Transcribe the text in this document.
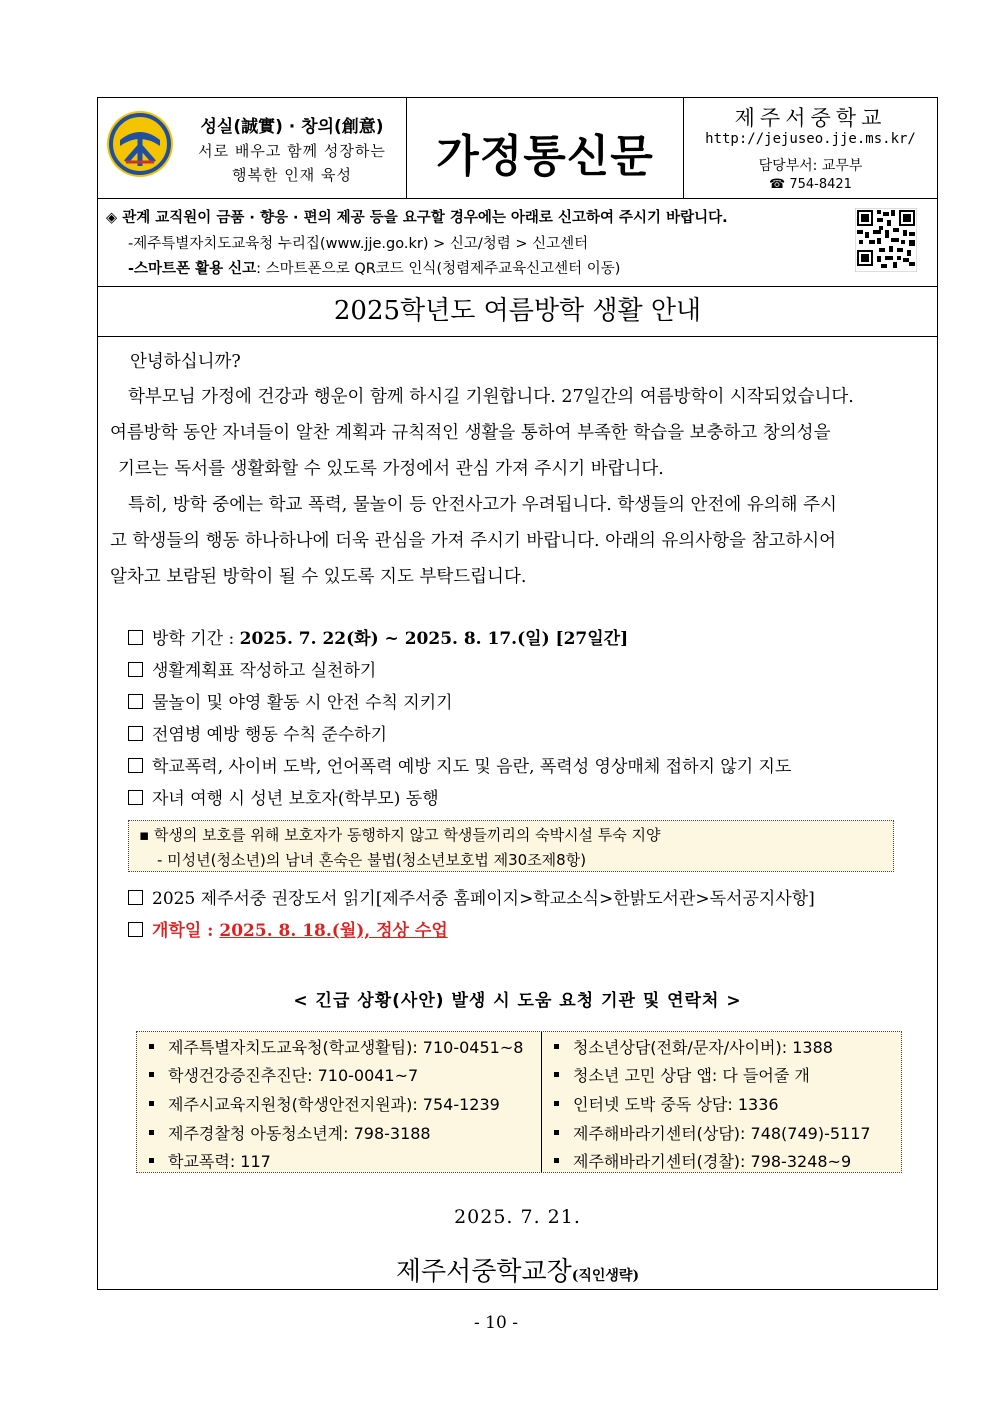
성실(誠實) · 창의(創意)
서로 배우고 함께 성장하는
행복한 인재 육성	가정통신문
제주서중학교
http://jejuseo.jje.ms.kr/
담당부서: 교무부
☎ 754-8421
◈ 관계 교직원이 금품 · 향응 · 편의 제공 등을 요구할 경우에는 아래로 신고하여 주시기 바랍니다.
-제주특별자치도교육청 누리집(www.jje.go.kr) > 신고/청렴 > 신고센터
-스마트폰 활용 신고: 스마트폰으로 QR코드 인식(청렴제주교육신고센터 이동)
2025학년도 여름방학 생활 안내
안녕하십니까?
학부모님 가정에 건강과 행운이 함께 하시길 기원합니다. 27일간의 여름방학이 시작되었습니다.
여름방학 동안 자녀들이 알찬 계획과 규칙적인 생활을 통하여 부족한 학습을 보충하고 창의성을
기르는 독서를 생활화할 수 있도록 가정에서 관심 가져 주시기 바랍니다.
특히, 방학 중에는 학교 폭력, 물놀이 등 안전사고가 우려됩니다. 학생들의 안전에 유의해 주시
고 학생들의 행동 하나하나에 더욱 관심을 가져 주시기 바랍니다. 아래의 유의사항을 참고하시어
알차고 보람된 방학이 될 수 있도록 지도 부탁드립니다.
방학 기간 : 2025. 7. 22(화) ~ 2025. 8. 17.(일) [27일간]
생활계획표 작성하고 실천하기
물놀이 및 야영 활동 시 안전 수칙 지키기
전염병 예방 행동 수칙 준수하기
학교폭력, 사이버 도박, 언어폭력 예방 지도 및 음란, 폭력성 영상매체 접하지 않기 지도
자녀 여행 시 성년 보호자(학부모) 동행
2025 제주서중 권장도서 읽기[제주서중 홈페이지>학교소식>한밝도서관>독서공지사항]
개학일 : 2025. 8. 18.(월), 정상 수업
▪ 학생의 보호를 위해 보호자가 동행하지 않고 학생들끼리의 숙박시설 투숙 지양
- 미성년(청소년)의 남녀 혼숙은 불법(청소년보호법 제30조제8항)
< 긴급 상황(사안) 발생 시 도움 요청 기관 및 연락처 >
제주특별자치도교육청(학교생활팀): 710-0451~8
학생건강증진추진단: 710-0041~7
제주시교육지원청(학생안전지원과): 754-1239
제주경찰청 아동청소년계: 798-3188
학교폭력: 117
청소년상담(전화/문자/사이버): 1388
청소년 고민 상담 앱: 다 들어줄 개
인터넷 도박 중독 상담: 1336
제주해바라기센터(상담): 748(749)-5117
제주해바라기센터(경찰): 798-3248~9
2025. 7. 21.
제주서중학교장(직인생략)
- 10 -
